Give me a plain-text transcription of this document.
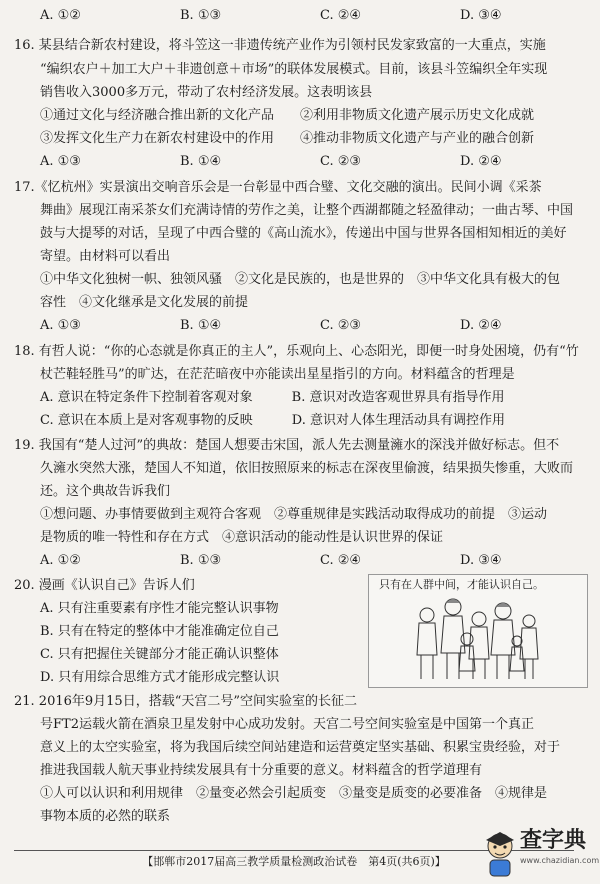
A. ①②	B. ①③	C. ②④	D. ③④
16. 某县结合新农村建设，将斗笠这一非遗传统产业作为引领村民发家致富的一大重点，实施
“编织农户＋加工大户＋非遗创意＋市场”的联体发展模式。目前，该县斗笠编织全年实现
销售收入3000多万元，带动了农村经济发展。这表明该县
①通过文化与经济融合推出新的文化产品　　②利用非物质文化遗产展示历史文化成就
③发挥文化生产力在新农村建设中的作用　　④推动非物质文化遗产与产业的融合创新
A. ①③	B. ①④	C. ②③	D. ②④
17.《忆杭州》实景演出交响音乐会是一台彰显中西合璧、文化交融的演出。民间小调《采茶
舞曲》展现江南采茶女们充满诗情的劳作之美，让整个西湖都随之轻盈律动；一曲古琴、中国
鼓与大提琴的对话，呈现了中西合璧的《高山流水》，传递出中国与世界各国相知相近的美好
寄望。由材料可以看出
①中华文化独树一帜、独领风骚　②文化是民族的，也是世界的　③中华文化具有极大的包
容性　④文化继承是文化发展的前提
A. ①③	B. ①④	C. ②③	D. ②④
18. 有哲人说：“你的心态就是你真正的主人”，乐观向上、心态阳光，即便一时身处困境，仍有“竹
杖芒鞋轻胜马”的旷达，在茫茫暗夜中亦能读出星星指引的方向。材料蕴含的哲理是
A. 意识在特定条件下控制着客观对象　　　B. 意识对改造客观世界具有指导作用
C. 意识在本质上是对客观事物的反映　　　D. 意识对人体生理活动具有调控作用
19. 我国有“楚人过河”的典故：楚国人想要击宋国，派人先去测量澭水的深浅并做好标志。但不
久澭水突然大涨，楚国人不知道，依旧按照原来的标志在深夜里偷渡，结果损失惨重，大败而
还。这个典故告诉我们
①想问题、办事情要做到主观符合客观　②尊重规律是实践活动取得成功的前提　③运动
是物质的唯一特性和存在方式　④意识活动的能动性是认识世界的保证
A. ①②	B. ①③	C. ②④	D. ③④
20. 漫画《认识自己》告诉人们
A. 只有注重要素有序性才能完整认识事物
B. 只有在特定的整体中才能准确定位自己
C. 只有把握住关键部分才能正确认识整体
D. 只有用综合思维方式才能形成完整认识
只有在人群中间，才能认识自己。
21. 2016年9月15日，搭载“天宫二号”空间实验室的长征二
号FT2运载火箭在酒泉卫星发射中心成功发射。天宫二号空间实验室是中国第一个真正
意义上的太空实验室，将为我国后续空间站建造和运营奠定坚实基础、积累宝贵经验，对于
推进我国载人航天事业持续发展具有十分重要的意义。材料蕴含的哲学道理有
①人可以认识和利用规律　②量变必然会引起质变　③量变是质变的必要准备　④规律是
事物本质的必然的联系
【邯郸市2017届高三教学质量检测政治试卷　第4页(共6页)】
查字典
www.chazidian.com
